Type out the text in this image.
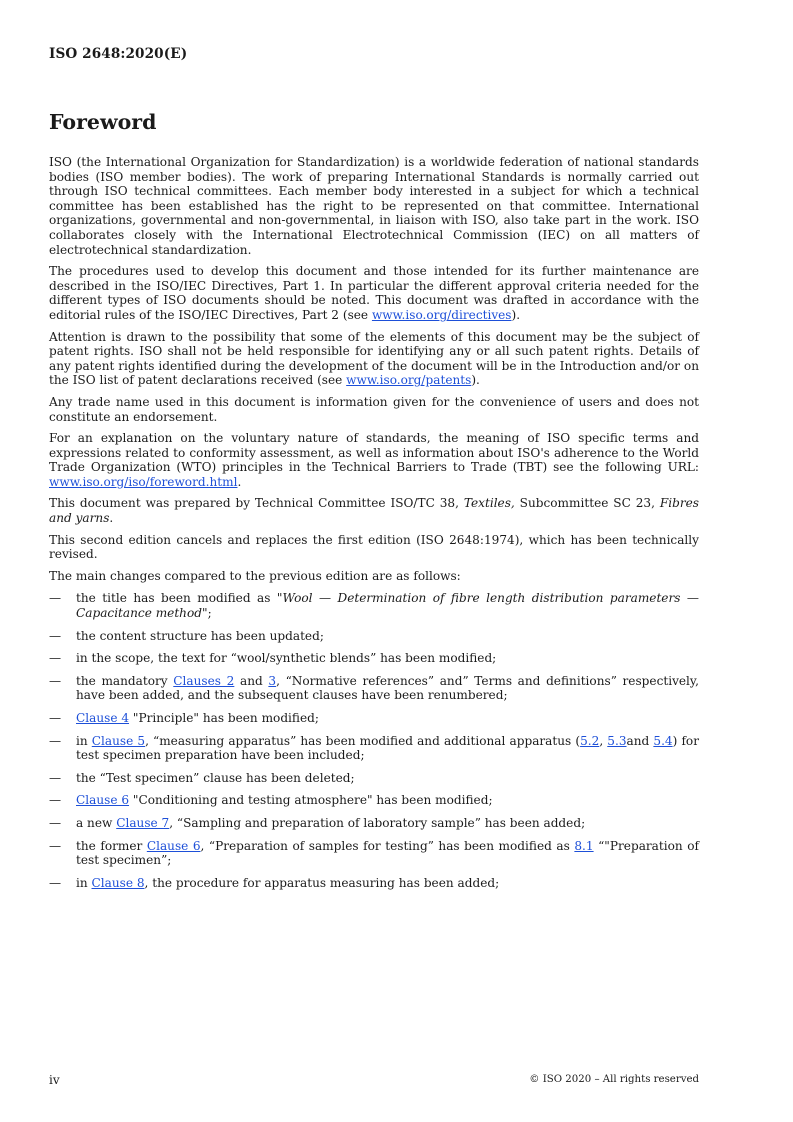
ISO 2648:2020(E)
Foreword

ISO (the International Organization for Standardization) is a worldwide federation of national standards bodies (ISO member bodies). The work of preparing International Standards is normally carried out through ISO technical committees. Each member body interested in a subject for which a technical committee has been established has the right to be represented on that committee. International organizations, governmental and non-governmental, in liaison with ISO, also take part in the work. ISO collaborates closely with the International Electrotechnical Commission (IEC) on all matters of electrotechnical standardization.

The procedures used to develop this document and those intended for its further maintenance are described in the ISO/IEC Directives, Part 1. In particular the different approval criteria needed for the different types of ISO documents should be noted. This document was drafted in accordance with the editorial rules of the ISO/IEC Directives, Part 2 (see www.iso.org/directives).

Attention is drawn to the possibility that some of the elements of this document may be the subject of patent rights. ISO shall not be held responsible for identifying any or all such patent rights. Details of any patent rights identified during the development of the document will be in the Introduction and/or on the ISO list of patent declarations received (see www.iso.org/patents).

Any trade name used in this document is information given for the convenience of users and does not constitute an endorsement.

For an explanation on the voluntary nature of standards, the meaning of ISO specific terms and expressions related to conformity assessment, as well as information about ISO's adherence to the World Trade Organization (WTO) principles in the Technical Barriers to Trade (TBT) see the following URL: www.iso.org/iso/foreword.html.

This document was prepared by Technical Committee ISO/TC 38, Textiles, Subcommittee SC 23, Fibres and yarns.

This second edition cancels and replaces the first edition (ISO 2648:1974), which has been technically revised.

The main changes compared to the previous edition are as follows:

— the title has been modified as "Wool — Determination of fibre length distribution parameters — Capacitance method";
— the content structure has been updated;
— in the scope, the text for “wool/synthetic blends” has been modified;
— the mandatory Clauses 2 and 3, “Normative references” and” Terms and definitions” respectively, have been added, and the subsequent clauses have been renumbered;
— Clause 4 "Principle" has been modified;
— in Clause 5, “measuring apparatus” has been modified and additional apparatus (5.2, 5.3and 5.4) for test specimen preparation have been included;
— the “Test specimen” clause has been deleted;
— Clause 6 "Conditioning and testing atmosphere" has been modified;
— a new Clause 7, “Sampling and preparation of laboratory sample” has been added;
— the former Clause 6, “Preparation of samples for testing” has been modified as 8.1 “"Preparation of test specimen”;
— in Clause 8, the procedure for apparatus measuring has been added;
iv	© ISO 2020 – All rights reserved
